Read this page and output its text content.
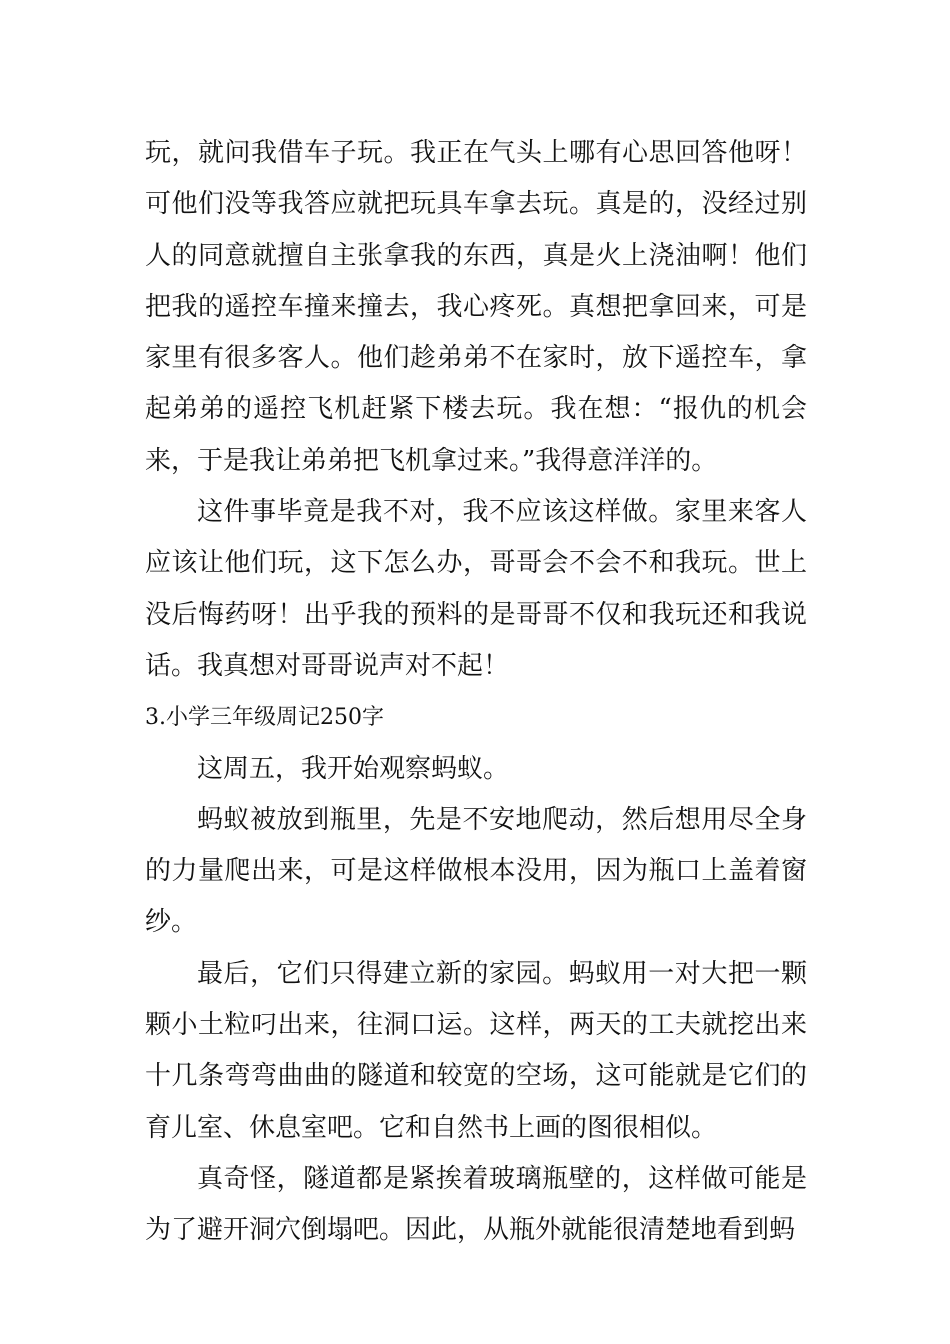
玩，就问我借车子玩。我正在气头上哪有心思回答他呀！可他们没等我答应就把玩具车拿去玩。真是的，没经过别人的同意就擅自主张拿我的东西，真是火上浇油啊！他们把我的遥控车撞来撞去，我心疼死。真想把拿回来，可是家里有很多客人。他们趁弟弟不在家时，放下遥控车，拿起弟弟的遥控飞机赶紧下楼去玩。我在想：“报仇的机会来，于是我让弟弟把飞机拿过来。”我得意洋洋的。

这件事毕竟是我不对，我不应该这样做。家里来客人应该让他们玩，这下怎么办，哥哥会不会不和我玩。世上没后悔药呀！出乎我的预料的是哥哥不仅和我玩还和我说话。我真想对哥哥说声对不起！

3.小学三年级周记250字

这周五，我开始观察蚂蚁。

蚂蚁被放到瓶里，先是不安地爬动，然后想用尽全身的力量爬出来，可是这样做根本没用，因为瓶口上盖着窗纱。

最后，它们只得建立新的家园。蚂蚁用一对大把一颗颗小土粒叼出来，往洞口运。这样，两天的工夫就挖出来十几条弯弯曲曲的隧道和较宽的空场，这可能就是它们的育儿室、休息室吧。它和自然书上画的图很相似。

真奇怪，隧道都是紧挨着玻璃瓶壁的，这样做可能是为了避开洞穴倒塌吧。因此，从瓶外就能很清楚地看到蚂
